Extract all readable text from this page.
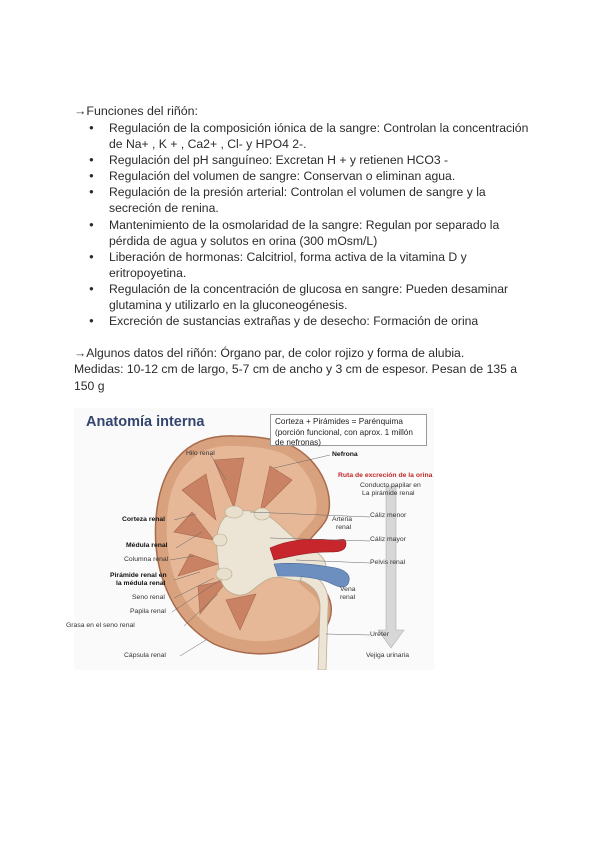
→Funciones del riñón:
● Regulación de la composición iónica de la sangre: Controlan la concentración de Na+ , K + , Ca2+ , Cl- y HPO4 2-.
● Regulación del pH sanguíneo: Excretan H + y retienen HCO3 -
● Regulación del volumen de sangre: Conservan o eliminan agua.
● Regulación de la presión arterial: Controlan el volumen de sangre y la secreción de renina.
● Mantenimiento de la osmolaridad de la sangre: Regulan por separado la pérdida de agua y solutos en orina (300 mOsm/L)
● Liberación de hormonas: Calcitriol, forma activa de la vitamina D y eritropoyetina.
● Regulación de la concentración de glucosa en sangre: Pueden desaminar glutamina y utilizarlo en la gluconeogénesis.
● Excreción de sustancias extrañas y de desecho: Formación de orina

→Algunos datos del riñón: Órgano par, de color rojizo y forma de alubia.
Medidas: 10-12 cm de largo, 5-7 cm de ancho y 3 cm de espesor. Pesan de 135 a 150 g

Anatomía interna	Corteza + Pirámides = Parénquima (porción funcional, con aprox. 1 millón de nefronas)
Hilo renal
Corteza renal
Médula renal
Columna renal
Pirámide renal en
la médula renal
Seno renal
Papila renal
Grasa en el seno renal
Cápsula renal
Nefrona
Ruta de excreción de la orina
Conducto papilar en
La pirámide renal
Arteria
renal
Cáliz menor
Cáliz mayor
Pelvis renal
Vena
renal
Uréter
Vejiga urinaria
